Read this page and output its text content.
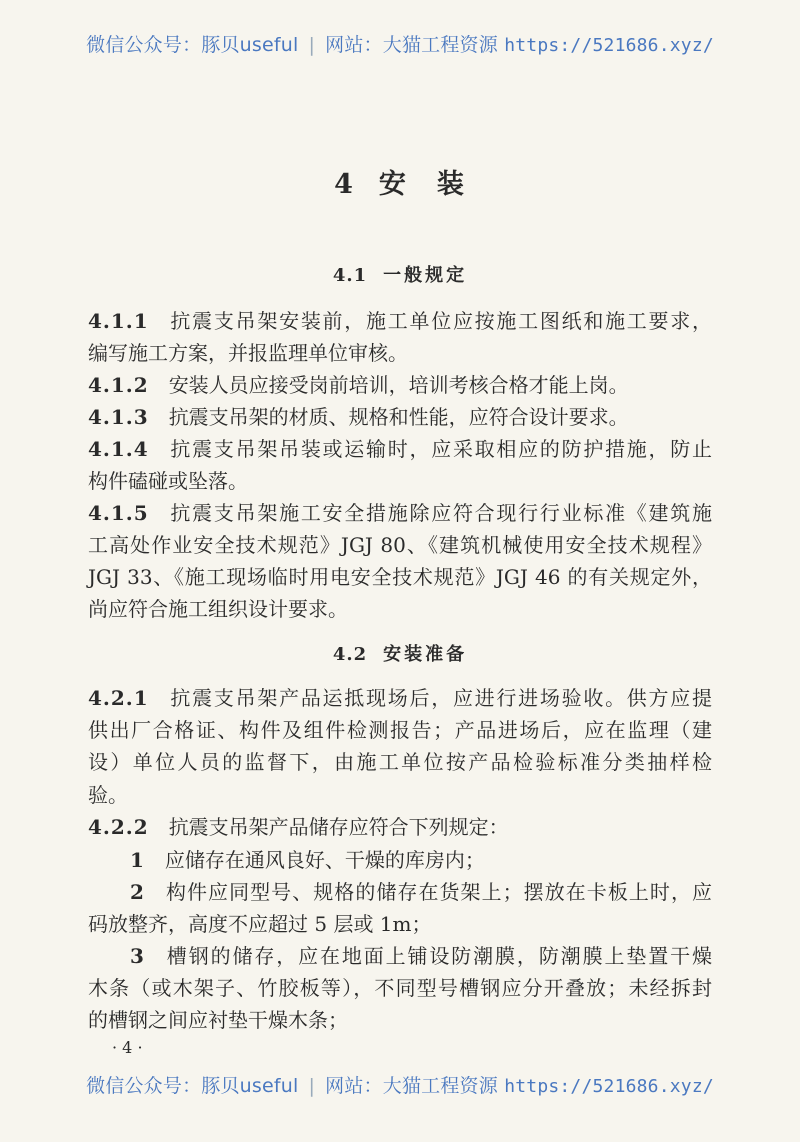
微信公众号：豚贝useful | 网站：大猫工程资源 https://521686.xyz/
4 安　装
4.1 一般规定
4.1.1 抗震支吊架安装前，施工单位应按施工图纸和施工要求，
编写施工方案，并报监理单位审核。
4.1.2 安装人员应接受岗前培训，培训考核合格才能上岗。
4.1.3 抗震支吊架的材质、规格和性能，应符合设计要求。
4.1.4 抗震支吊架吊装或运输时，应采取相应的防护措施，防止
构件磕碰或坠落。
4.1.5 抗震支吊架施工安全措施除应符合现行行业标准《建筑施
工高处作业安全技术规范》JGJ 80、《建筑机械使用安全技术规程》
JGJ 33、《施工现场临时用电安全技术规范》JGJ 46 的有关规定外，
尚应符合施工组织设计要求。
4.2.1 抗震支吊架产品运抵现场后，应进行进场验收。供方应提
供出厂合格证、构件及组件检测报告；产品进场后，应在监理（建
设）单位人员的监督下，由施工单位按产品检验标准分类抽样检
验。
4.2.2 抗震支吊架产品储存应符合下列规定：
1 应储存在通风良好、干燥的库房内；
2 构件应同型号、规格的储存在货架上；摆放在卡板上时，应
码放整齐，高度不应超过 5 层或 1m；
3 槽钢的储存，应在地面上铺设防潮膜，防潮膜上垫置干燥
木条（或木架子、竹胶板等），不同型号槽钢应分开叠放；未经拆封
的槽钢之间应衬垫干燥木条；
4.2 安装准备
· 4 ·
微信公众号：豚贝useful | 网站：大猫工程资源 https://521686.xyz/
